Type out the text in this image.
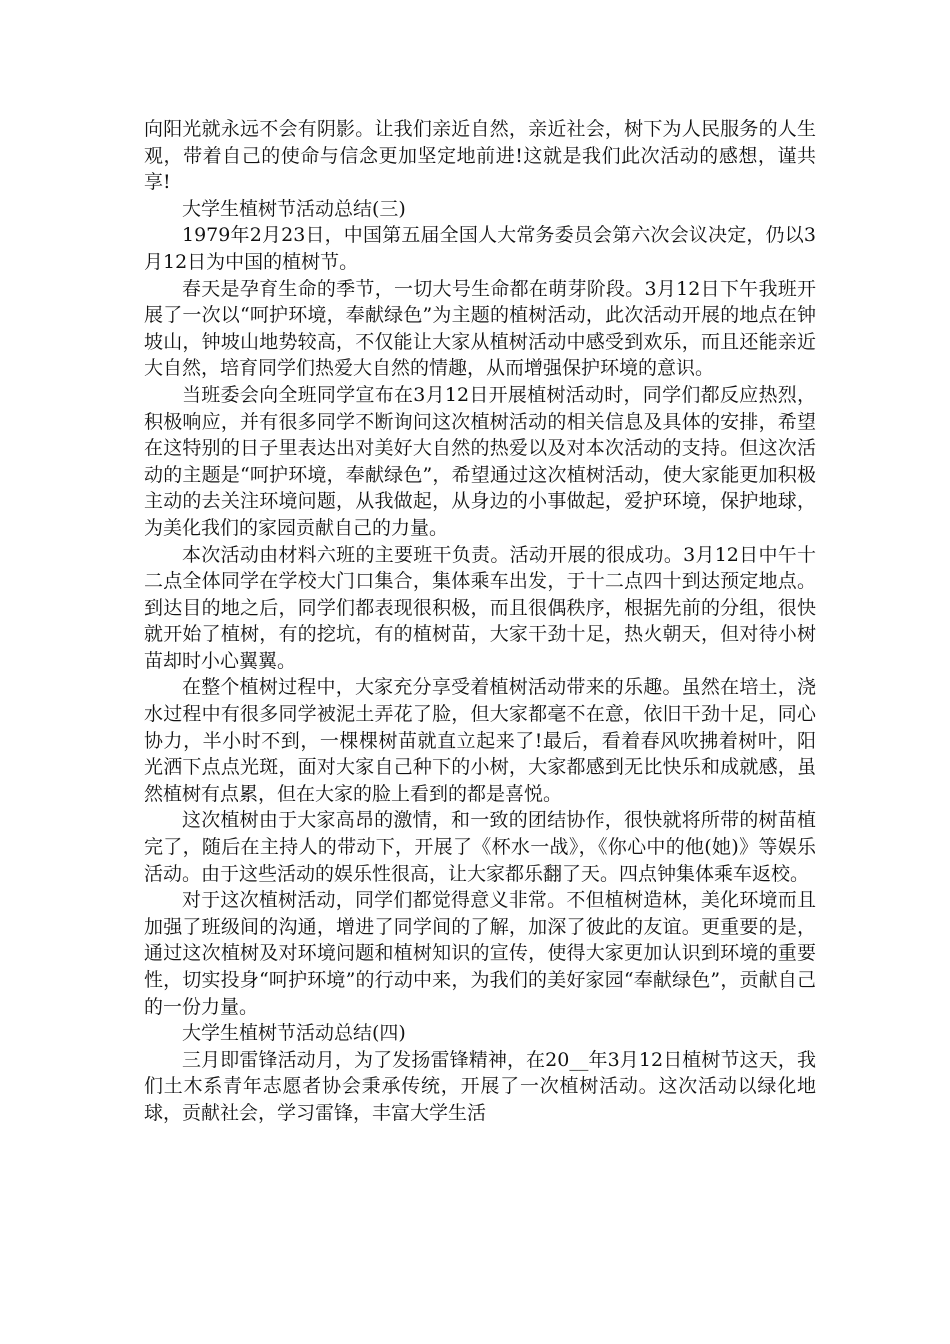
向阳光就永远不会有阴影。让我们亲近自然，亲近社会，树下为人民服务的人生观，带着自己的使命与信念更加坚定地前进!这就是我们此次活动的感想，谨共享!

大学生植树节活动总结(三)

1979年2月23日，中国第五届全国人大常务委员会第六次会议决定，仍以3月12日为中国的植树节。

春天是孕育生命的季节，一切大号生命都在萌芽阶段。3月12日下午我班开展了一次以“呵护环境，奉献绿色”为主题的植树活动，此次活动开展的地点在钟坡山，钟坡山地势较高，不仅能让大家从植树活动中感受到欢乐，而且还能亲近大自然，培育同学们热爱大自然的情趣，从而增强保护环境的意识。

当班委会向全班同学宣布在3月12日开展植树活动时，同学们都反应热烈，积极响应，并有很多同学不断询问这次植树活动的相关信息及具体的安排，希望在这特别的日子里表达出对美好大自然的热爱以及对本次活动的支持。但这次活动的主题是“呵护环境，奉献绿色”，希望通过这次植树活动，使大家能更加积极主动的去关注环境问题，从我做起，从身边的小事做起，爱护环境，保护地球，为美化我们的家园贡献自己的力量。

本次活动由材料六班的主要班干负责。活动开展的很成功。3月12日中午十二点全体同学在学校大门口集合，集体乘车出发，于十二点四十到达预定地点。到达目的地之后，同学们都表现很积极，而且很偶秩序，根据先前的分组，很快就开始了植树，有的挖坑，有的植树苗，大家干劲十足，热火朝天，但对待小树苗却时小心翼翼。

在整个植树过程中，大家充分享受着植树活动带来的乐趣。虽然在培土，浇水过程中有很多同学被泥土弄花了脸，但大家都毫不在意，依旧干劲十足，同心协力，半小时不到，一棵棵树苗就直立起来了!最后，看着春风吹拂着树叶，阳光洒下点点光斑，面对大家自己种下的小树，大家都感到无比快乐和成就感，虽然植树有点累，但在大家的脸上看到的都是喜悦。

这次植树由于大家高昂的激情，和一致的团结协作，很快就将所带的树苗植完了，随后在主持人的带动下，开展了《杯水一战》，《你心中的他(她)》等娱乐活动。由于这些活动的娱乐性很高，让大家都乐翻了天。四点钟集体乘车返校。

对于这次植树活动，同学们都觉得意义非常。不但植树造林，美化环境而且加强了班级间的沟通，增进了同学间的了解，加深了彼此的友谊。更重要的是，通过这次植树及对环境问题和植树知识的宣传，使得大家更加认识到环境的重要性，切实投身“呵护环境”的行动中来，为我们的美好家园“奉献绿色”，贡献自己的一份力量。

大学生植树节活动总结(四)

三月即雷锋活动月，为了发扬雷锋精神，在20__年3月12日植树节这天，我们土木系青年志愿者协会秉承传统，开展了一次植树活动。这次活动以绿化地球，贡献社会，学习雷锋，丰富大学生活
